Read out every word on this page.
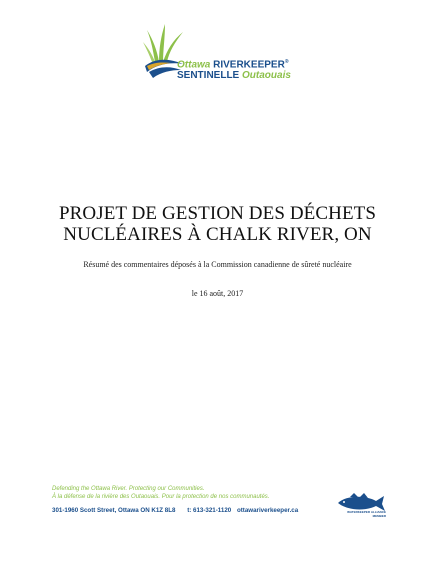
Ottawa RIVERKEEPER®
SENTINELLE Outaouais
PROJET DE GESTION DES DÉCHETS
NUCLÉAIRES À CHALK RIVER, ON
Résumé des commentaires déposés à la Commission canadienne de sûreté nucléaire
le 16 août, 2017
Defending the Ottawa River. Protecting our Communities.
À la défense de la rivière des Outaouais. Pour la protection de nos communautés.
301-1960 Scott Street, Ottawa ON K1Z 8L8 t: 613-321-1120 ottawariverkeeper.ca	WATERKEEPER ALLIANCE
MEMBER
